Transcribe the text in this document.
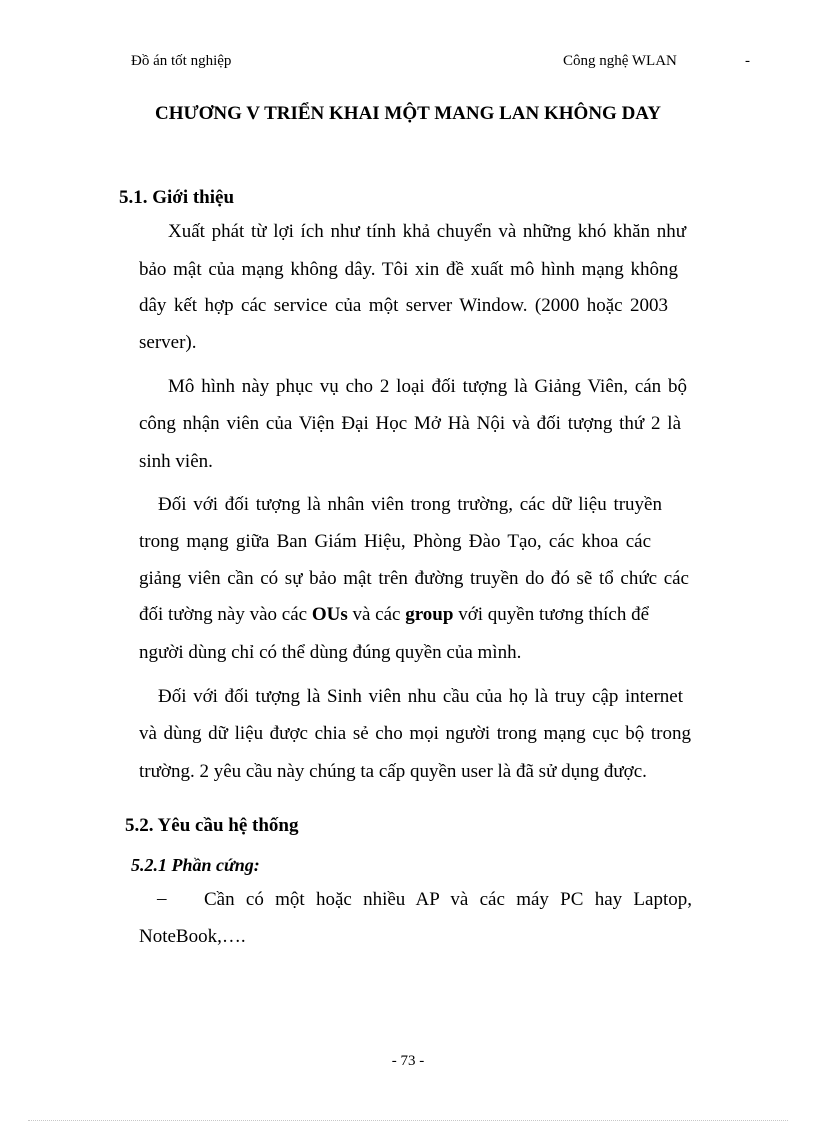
Đồ án tốt nghiệp	Công nghệ WLAN	-
CHƯƠNG V TRIỂN KHAI MỘT MANG LAN KHÔNG DAY
5.1. Giới thiệu
Xuất phát từ lợi ích như tính khả chuyển và những khó khăn như
bảo mật của mạng không dây. Tôi xin đề xuất mô hình mạng không
dây kết hợp các service của một server Window. (2000 hoặc 2003
server).
Mô hình này phục vụ cho 2 loại đối tượng là Giảng Viên, cán bộ
công nhận viên của Viện Đại Học Mở Hà Nội và đối tượng thứ 2 là
sinh viên.
Đối với đối tượng là nhân viên trong trường, các dữ liệu truyền
trong mạng giữa Ban Giám Hiệu, Phòng Đào Tạo, các khoa các
giảng viên cần có sự bảo mật trên đường truyền do đó sẽ tổ chức các
đối tường này vào các OUs và các group với quyền tương thích để
người dùng chỉ có thể dùng đúng quyền của mình.
Đối với đối tượng là Sinh viên nhu cầu của họ là truy cập internet
và dùng dữ liệu được chia sẻ cho mọi người trong mạng cục bộ trong
trường. 2 yêu cầu này chúng ta cấp quyền user là đã sử dụng được.
5.2. Yêu cầu hệ thống
5.2.1 Phần cứng:
– Cần có một hoặc nhiều AP và các máy PC hay Laptop,
NoteBook,….
- 73 -
